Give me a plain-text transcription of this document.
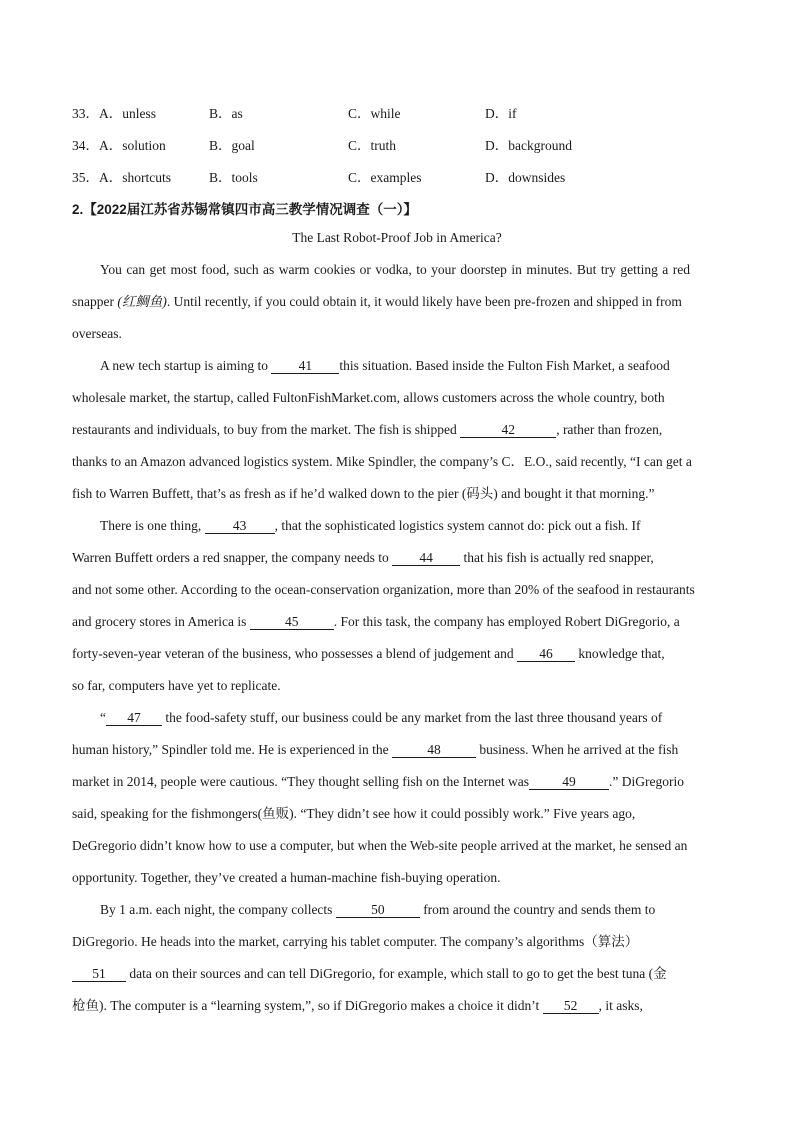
33．A．unless	B．as	C．while	D．if
34．A．solution	B．goal	C．truth	D．background
35．A．shortcuts	B．tools	C．examples	D．downsides
2.【2022届江苏省苏锡常镇四市高三教学情况调查（一）】
The Last Robot-Proof Job in America?
You can get most food, such as warm cookies or vodka, to your doorstep in minutes. But try getting a red
snapper (红鲷鱼). Until recently, if you could obtain it, it would likely have been pre-frozen and shipped in from
overseas.
A new tech startup is aiming to 41 this situation. Based inside the Fulton Fish Market, a seafood
wholesale market, the startup, called FultonFishMarket.com, allows customers across the whole country, both
restaurants and individuals, to buy from the market. The fish is shipped	42	, rather than frozen,
thanks to an Amazon advanced logistics system. Mike Spindler, the company’s C．E.O., said recently, “I can get a
fish to Warren Buffett, that’s as fresh as if he’d walked down to the pier (码头) and bought it that morning.”
There is one thing, 43 , that the sophisticated logistics system cannot do: pick out a fish. If
Warren Buffett orders a red snapper, the company needs to 44 that his fish is actually red snapper,
and not some other. According to the ocean-conservation organization, more than 20% of the seafood in restaurants
and grocery stores in America is	45	. For this task, the company has employed Robert DiGregorio, a
forty-seven-year veteran of the business, who possesses a blend of judgement and 46 knowledge that,
so far, computers have yet to replicate.
“ 47 the food-safety stuff, our business could be any market from the last three thousand years of
human history,” Spindler told me. He is experienced in the	48	business. When he arrived at the fish
market in 2014, people were cautious. “They thought selling fish on the Internet was 49 .” DiGregorio
said, speaking for the fishmongers(鱼贩). “They didn’t see how it could possibly work.” Five years ago,
DeGregorio didn’t know how to use a computer, but when the Web-site people arrived at the market, he sensed an
opportunity. Together, they’ve created a human-machine fish-buying operation.
By 1 a.m. each night, the company collects	50	from around the country and sends them to
DiGregorio. He heads into the market, carrying his tablet computer. The company’s algorithms（算法）
51 data on their sources and can tell DiGregorio, for example, which stall to go to get the best tuna (金
枪鱼). The computer is a “learning system,”, so if DiGregorio makes a choice it didn’t 52 , it asks,
